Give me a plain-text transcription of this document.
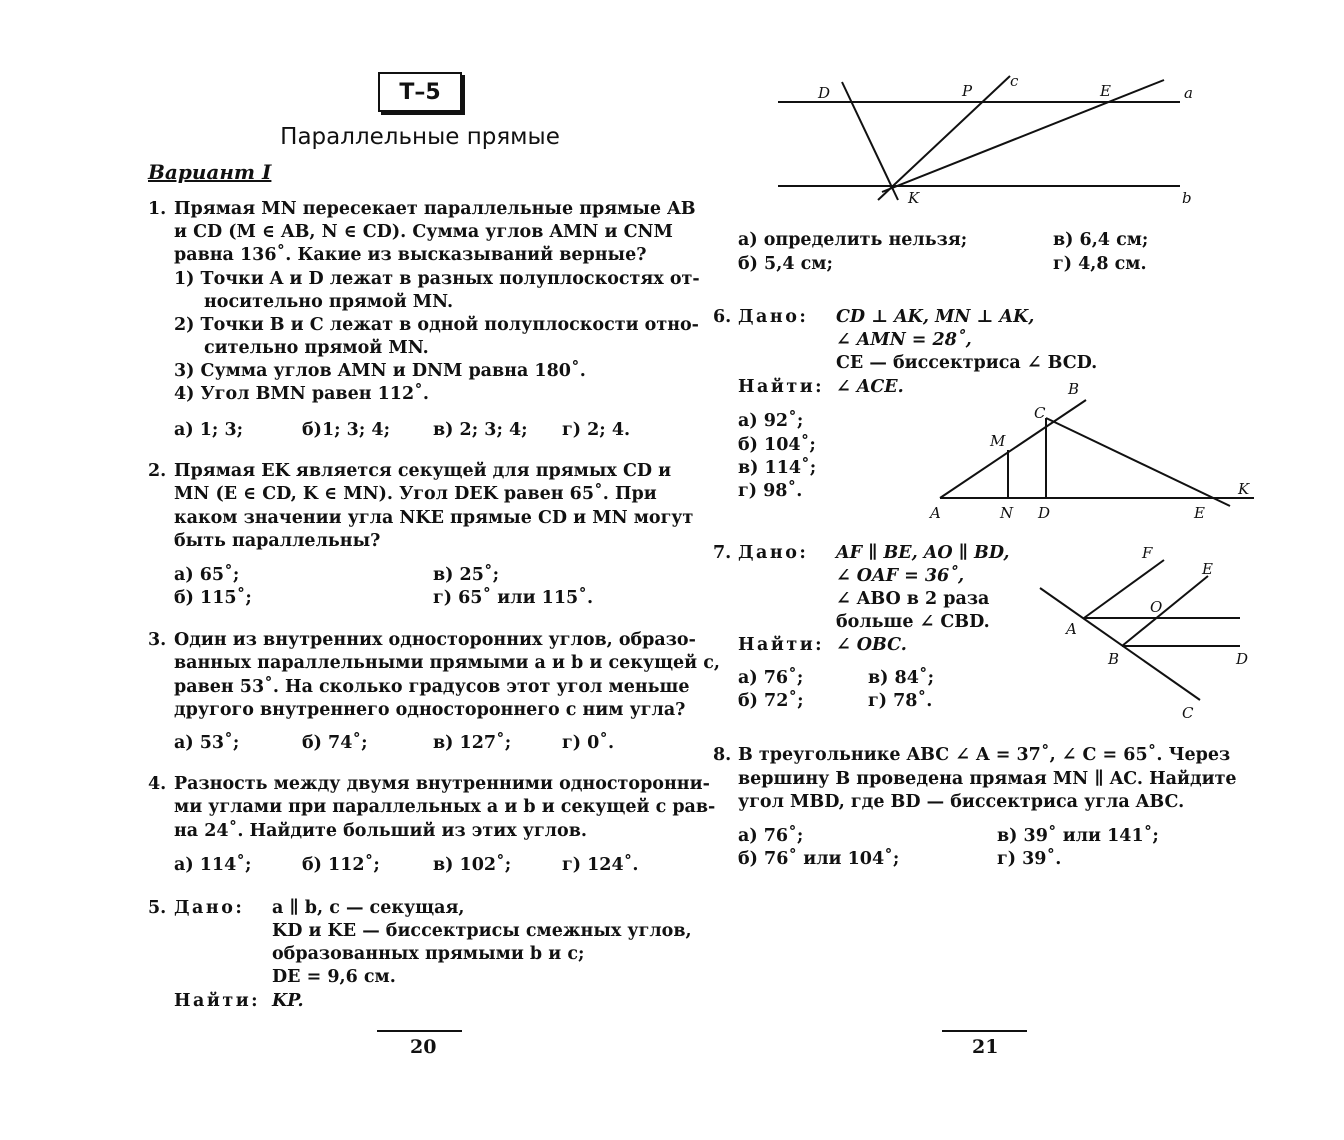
Т–5
Параллельные прямые
Вариант I
1. Прямая MN пересекает параллельные прямые AB
и CD (M ∈ AB, N ∈ CD). Сумма углов AMN и CNM
равна 136˚. Какие из высказываний верные?
1) Точки A и D лежат в разных полуплоскостях от-
носительно прямой MN.
2) Точки B и C лежат в одной полуплоскости отно-
сительно прямой MN.
3) Сумма углов AMN и DNM равна 180˚.
4) Угол BMN равен 112˚.
а) 1; 3;	б)1; 3; 4; в) 2; 3; 4; г) 2; 4.
2. Прямая EK является секущей для прямых CD и
MN (E ∈ CD, K ∈ MN). Угол DEK равен 65˚. При
каком значении угла NKE прямые CD и MN могут
быть параллельны?
а) 65˚;	в) 25˚;
б) 115˚;	г) 65˚ или 115˚.
3. Один из внутренних односторонних углов, образо-
ванных параллельными прямыми a и b и секущей c,
равен 53˚. На сколько градусов этот угол меньше
другого внутреннего одностороннего с ним угла?
а) 53˚;	б) 74˚;	в) 127˚;	г) 0˚.
4. Разность между двумя внутренними односторонни-
ми углами при параллельных a и b и секущей c рав-
на 24˚. Найдите больший из этих углов.
а) 114˚;	б) 112˚;	в) 102˚;	г) 124˚.
5. Дано: a ∥ b, c — секущая,
KD и KE — биссектрисы смежных углов,
образованных прямыми b и c;
DE = 9,6 см.
Найти: KP.
20
D	P
c
E	a
K	b
а) определить нельзя;	в) 6,4 см;
б) 5,4 см;	г) 4,8 см.
6. Дано: CD ⊥ AK, MN ⊥ AK,
∠ AMN = 28˚,
CE — биссектриса ∠ BCD.
Найти: ∠ ACE.
а) 92˚;
б) 104˚;
в) 114˚;
г) 98˚.
B
C
M
K
A	N D	E
7. Дано: AF ∥ BE, AO ∥ BD,
∠ OAF = 36˚,
∠ ABO в 2 раза
больше ∠ CBD.
Найти: ∠ OBC.
а) 76˚;	в) 84˚;
б) 72˚;	г) 78˚.
F
E
O
A
B	D
C
8. В треугольнике ABC ∠ A = 37˚, ∠ C = 65˚. Через
вершину B проведена прямая MN ∥ AC. Найдите
угол MBD, где BD — биссектриса угла ABC.
а) 76˚;	в) 39˚ или 141˚;
б) 76˚ или 104˚;	г) 39˚.
21
